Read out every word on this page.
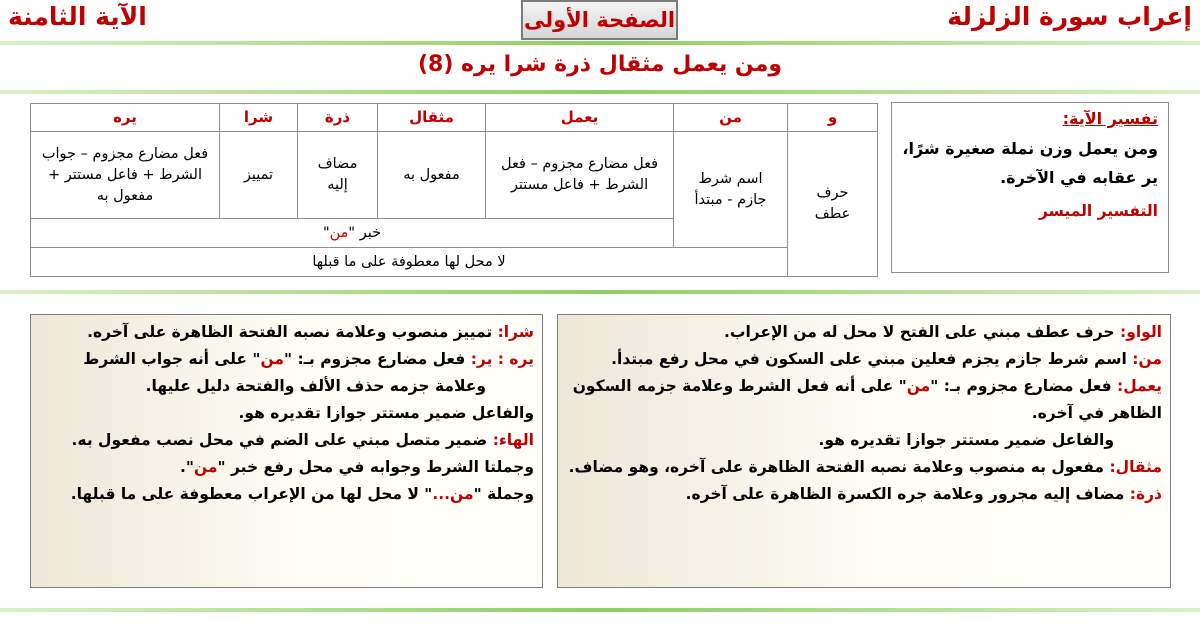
الآية الثامنة	الصفحة الأولى	إعراب سورة الزلزلة
ومن يعمل مثقال ذرة شرا يره (8)
و	من	يعمل	مثقال	ذرة	شرا	يره
حرف عطف	اسم شرط جازم - مبتدأ	فعل مضارع مجزوم – فعل الشرط + فاعل مستتر	مفعول به	مضاف إليه	تمييز	فعل مضارع مجزوم – جواب الشرط + فاعل مستتر + مفعول به
		خبر "من"				
	لا محل لها معطوفة على ما قبلها					
تفسير الآية:
ومن يعمل وزن نملة صغيرة شرًا، ير عقابه في الآخرة.
التفسير الميسر

الواو: حرف عطف مبني على الفتح لا محل له من الإعراب.

من: اسم شرط جازم يجزم فعلين مبني على السكون في محل رفع مبتدأ.

يعمل: فعل مضارع مجزوم بـ: "من" على أنه فعل الشرط وعلامة جزمه السكون الظاهر في آخره.

والفاعل ضمير مستتر جوازا تقديره هو.

مثقال: مفعول به منصوب وعلامة نصبه الفتحة الظاهرة على آخره، وهو مضاف.

ذرة: مضاف إليه مجرور وعلامة جره الكسرة الظاهرة على آخره.

شرا: تمييز منصوب وعلامة نصبه الفتحة الظاهرة على آخره.

يره : ير: فعل مضارع مجزوم بـ: "من" على أنه جواب الشرط

وعلامة جزمه حذف الألف والفتحة دليل عليها.

والفاعل ضمير مستتر جوازا تقديره هو.

الهاء: ضمير متصل مبني على الضم في محل نصب مفعول به.

وجملتا الشرط وجوابه في محل رفع خبر "من".

وجملة "من..." لا محل لها من الإعراب معطوفة على ما قبلها.
